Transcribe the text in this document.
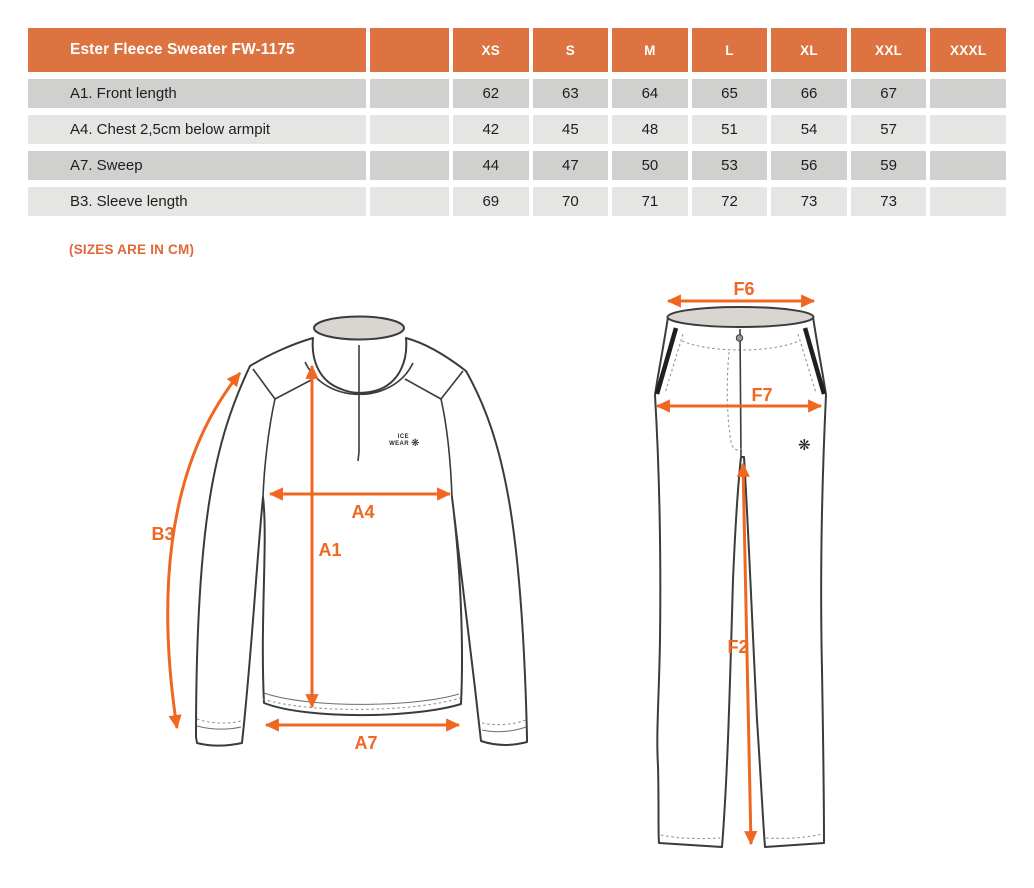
Ester Fleece Sweater FW-1175		XS	S	M	L	XL	XXL	XXXL
A1. Front length		62	63	64	65	66	67	
A4. Chest 2,5cm below armpit		42	45	48	51	54	57	
A7. Sweep		44	47	50	53	56	59	
B3. Sleeve length		69	70	71	72	73	73	
(SIZES ARE IN CM)
ICE
WEAR ❋
B3
A1
A4
A7
❋
F6
F7
F2
